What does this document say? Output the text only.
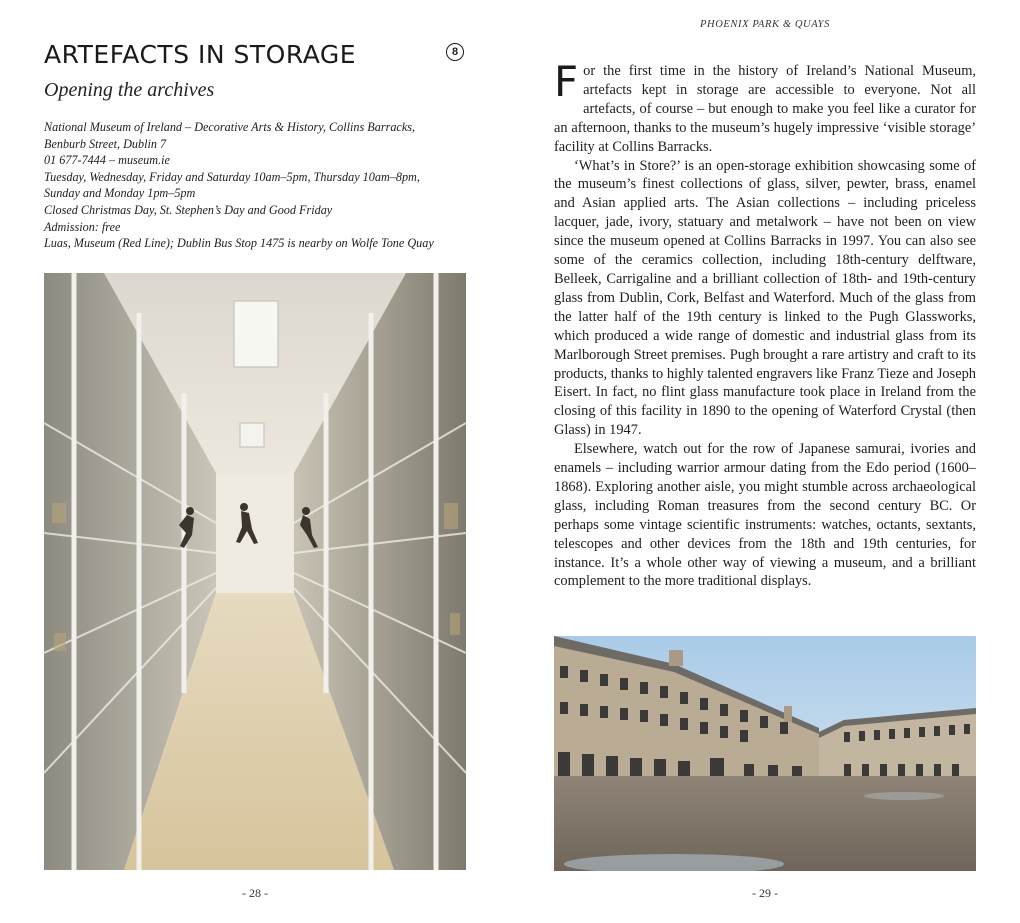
ARTEFACTS IN STORAGE	8
Opening the archives
National Museum of Ireland – Decorative Arts & History, Collins Barracks,
Benburb Street, Dublin 7
01 677-7444 – museum.ie
Tuesday, Wednesday, Friday and Saturday 10am–5pm, Thursday 10am–8pm,
Sunday and Monday 1pm–5pm
Closed Christmas Day, St. Stephen’s Day and Good Friday
Admission: free
Luas, Museum (Red Line); Dublin Bus Stop 1475 is nearby on Wolfe Tone Quay
- 28 -
PHOENIX PARK & QUAYS

For the first time in the history of Ireland’s National Museum, artefacts kept in storage are accessible to everyone. Not all artefacts, of course – but enough to make you feel like a curator for an afternoon, thanks to the museum’s hugely impressive ‘visible storage’ facility at Collins Barracks.

‘What’s in Store?’ is an open-storage exhibition showcasing some of the museum’s finest collections of glass, silver, pewter, brass, enamel and Asian applied arts. The Asian collections – including priceless lacquer, jade, ivory, statuary and metalwork – have not been on view since the museum opened at Collins Barracks in 1997. You can also see some of the ceramics collection, including 18th-century delftware, Belleek, Carrigaline and a brilliant collection of 18th- and 19th-century glass from Dublin, Cork, Belfast and Waterford. Much of the glass from the latter half of the 19th century is linked to the Pugh Glassworks, which produced a wide range of domestic and industrial glass from its Marlborough Street premises. Pugh brought a rare artistry and craft to its products, thanks to highly talented engravers like Franz Tieze and Joseph Eisert. In fact, no flint glass manufacture took place in Ireland from the closing of this facility in 1890 to the opening of Waterford Crystal (then Glass) in 1947.

Elsewhere, watch out for the row of Japanese samurai, ivories and enamels – including warrior armour dating from the Edo period (1600–1868). Exploring another aisle, you might stumble across archaeological glass, including Roman treasures from the second century BC. Or perhaps some vintage scientific instruments: watches, octants, sextants, telescopes and other devices from the 18th and 19th centuries, for instance. It’s a whole other way of viewing a museum, and a brilliant complement to the more traditional displays.

- 29 -
